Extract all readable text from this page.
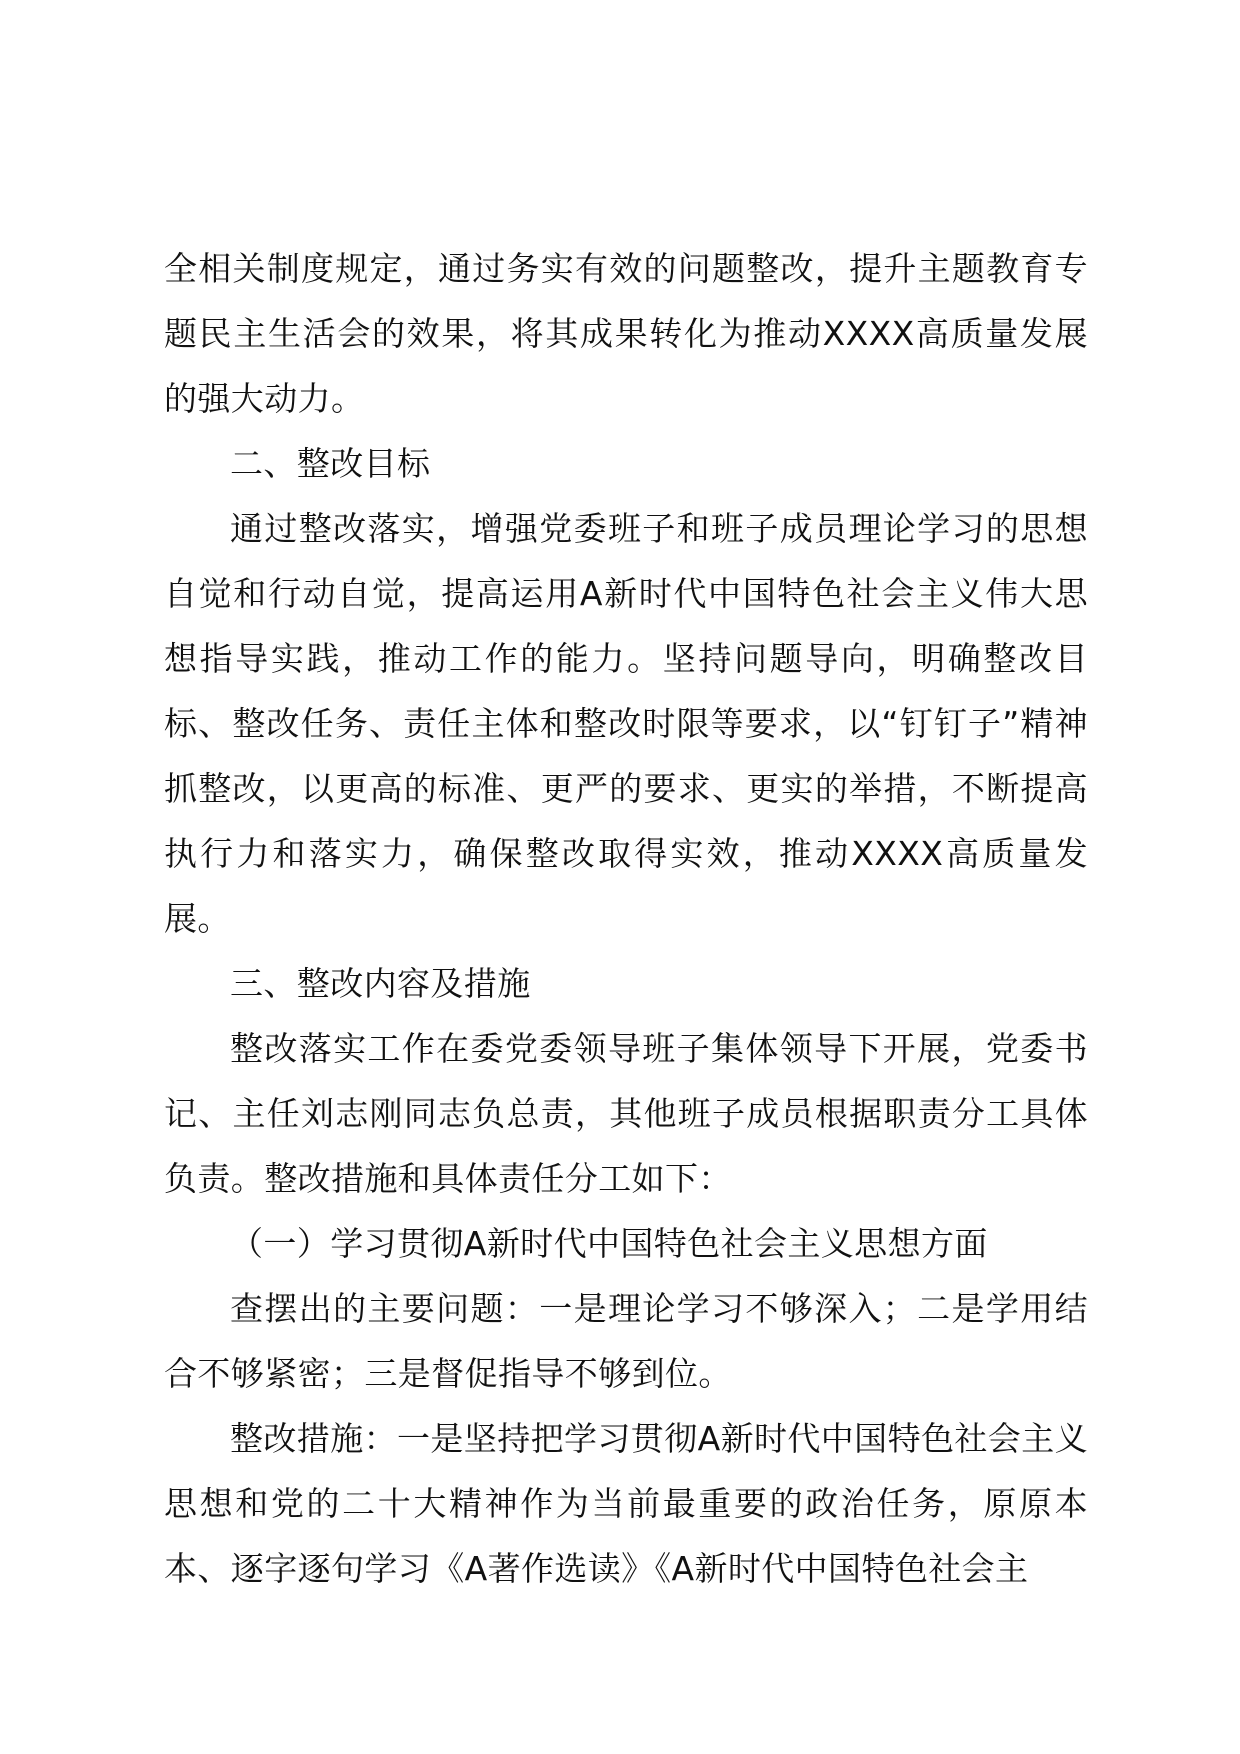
全相关制度规定，通过务实有效的问题整改，提升主题教育专题民主生活会的效果，将其成果转化为推动XXXX高质量发展的强大动力。

二、整改目标

通过整改落实，增强党委班子和班子成员理论学习的思想自觉和行动自觉，提高运用A新时代中国特色社会主义伟大思想指导实践，推动工作的能力。坚持问题导向，明确整改目标、整改任务、责任主体和整改时限等要求，以“钉钉子”精神抓整改，以更高的标准、更严的要求、更实的举措，不断提高执行力和落实力，确保整改取得实效，推动XXXX高质量发展。

三、整改内容及措施

整改落实工作在委党委领导班子集体领导下开展，党委书记、主任刘志刚同志负总责，其他班子成员根据职责分工具体负责。整改措施和具体责任分工如下：

（一）学习贯彻A新时代中国特色社会主义思想方面

查摆出的主要问题：一是理论学习不够深入；二是学用结合不够紧密；三是督促指导不够到位。

整改措施：一是坚持把学习贯彻A新时代中国特色社会主义思想和党的二十大精神作为当前最重要的政治任务，原原本本、逐字逐句学习《A著作选读》《A新时代中国特色社会主
